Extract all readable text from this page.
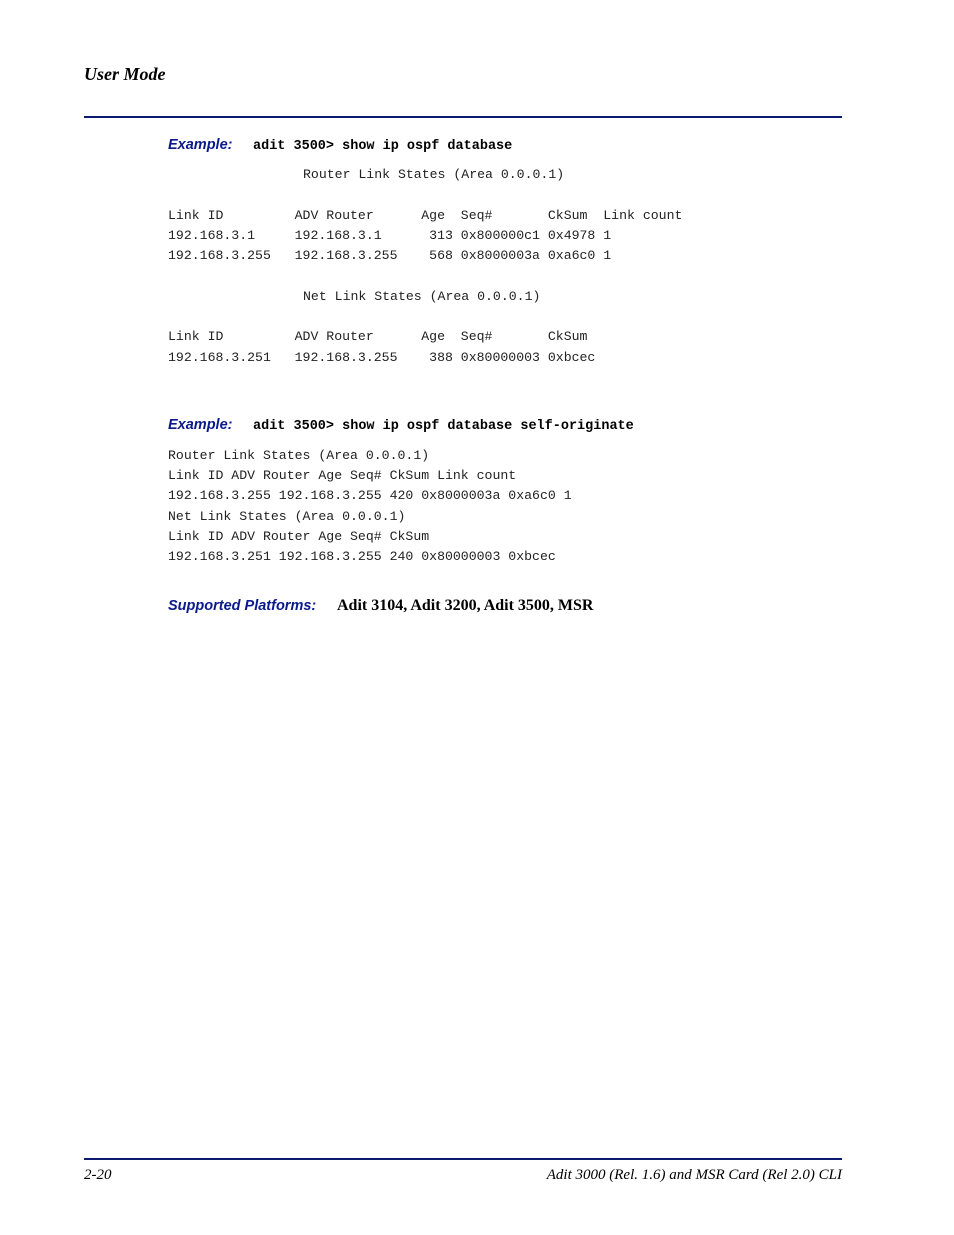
User Mode
Example: adit 3500> show ip ospf database
Router Link States (Area 0.0.0.1)
Link ID         ADV Router      Age  Seq#       CkSum  Link count
192.168.3.1     192.168.3.1      313 0x800000c1 0x4978 1
192.168.3.255   192.168.3.255    568 0x8000003a 0xa6c0 1
Net Link States (Area 0.0.0.1)
Link ID         ADV Router      Age  Seq#       CkSum
192.168.3.251   192.168.3.255    388 0x80000003 0xbcec
Example: adit 3500> show ip ospf database self-originate
Router Link States (Area 0.0.0.1)
Link ID ADV Router Age Seq# CkSum Link count
192.168.3.255 192.168.3.255 420 0x8000003a 0xa6c0 1
Net Link States (Area 0.0.0.1)
Link ID ADV Router Age Seq# CkSum
192.168.3.251 192.168.3.255 240 0x80000003 0xbcec
Supported Platforms: Adit 3104, Adit 3200, Adit 3500, MSR
2-20	Adit 3000 (Rel. 1.6) and MSR Card (Rel 2.0) CLI
